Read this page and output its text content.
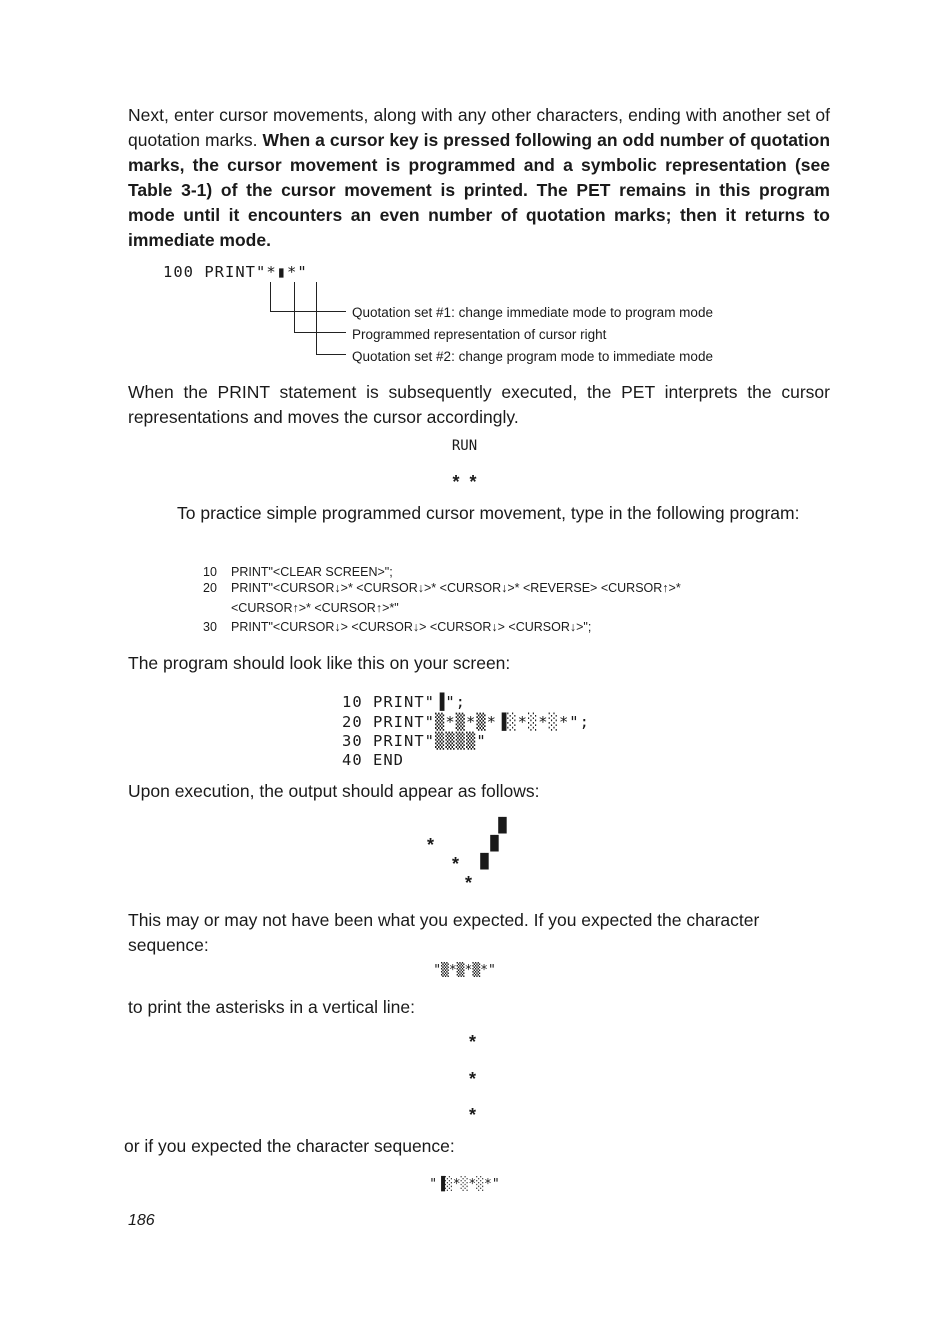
Next, enter cursor movements, along with any other characters, ending with another set of quotation marks. When a cursor key is pressed following an odd number of quotation marks, the cursor movement is programmed and a symbolic representation (see Table 3-1) of the cursor movement is printed. The PET remains in this program mode until it encounters an even number of quotation marks; then it returns to immediate mode.
100 PRINT"*▮*"
Quotation set #1: change immediate mode to program mode
Programmed representation of cursor right
Quotation set #2: change program mode to immediate mode
When the PRINT statement is subsequently executed, the PET interprets the cursor representations and moves the cursor accordingly.
RUN
*  *
To practice simple programmed cursor movement, type in the following program:
10 PRINT"<CLEAR SCREEN>";
20 PRINT"<CURSOR↓>* <CURSOR↓>* <CURSOR↓>* <REVERSE> <CURSOR↑>*
<CURSOR↑>* <CURSOR↑>*"
30 PRINT"<CURSOR↓> <CURSOR↓> <CURSOR↓> <CURSOR↓>";
The program should look like this on your screen:
10 PRINT"▐";
20 PRINT"▒*▒*▒*▐░*░*░*";
30 PRINT"▒▒▒▒"
40 END
Upon execution, the output should appear as follows:
▐▌
*	▐▌
* ▐▌
*
This may or may not have been what you expected. If you expected the character sequence:
"▒*▒*▒*"
to print the asterisks in a vertical line:
*
*
*
or if you expected the character sequence:
"▐░*░*░*"
186
